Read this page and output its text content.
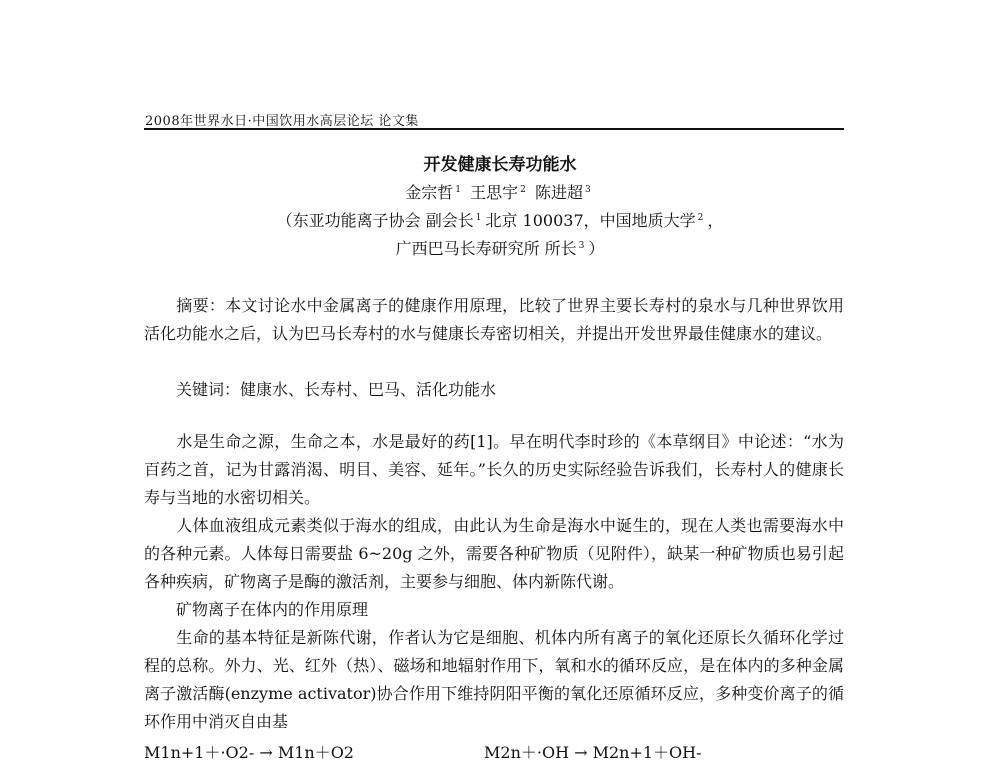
2008年世界水日·中国饮用水高层论坛 论文集
开发健康长寿功能水
金宗哲 $^1$ 王思宇 $^2$ 陈进超 $^3$
（东亚功能离子协会 副会长 $^1$ 北京 100037，中国地质大学 $^2$ ，
广西巴马长寿研究所 所长 $^3$ ）
摘要：本文讨论水中金属离子的健康作用原理，比较了世界主要长寿村的泉水与几种世界饮用活化功能水之后，认为巴马长寿村的水与健康长寿密切相关，并提出开发世界最佳健康水的建议。
关键词：健康水、长寿村、巴马、活化功能水
水是生命之源，生命之本，水是最好的药[1]。早在明代李时珍的《本草纲目》中论述：“水为百药之首，记为甘露消渴、明目、美容、延年。”长久的历史实际经验告诉我们，长寿村人的健康长寿与当地的水密切相关。
人体血液组成元素类似于海水的组成，由此认为生命是海水中诞生的，现在人类也需要海水中的各种元素。人体每日需要盐 6~20g 之外，需要各种矿物质（见附件），缺某一种矿物质也易引起各种疾病，矿物离子是酶的激活剂，主要参与细胞、体内新陈代谢。
矿物离子在体内的作用原理
生命的基本特征是新陈代谢，作者认为它是细胞、机体内所有离子的氧化还原长久循环化学过程的总称。外力、光、红外（热）、磁场和地辐射作用下，氧和水的循环反应，是在体内的多种金属离子激活酶(enzyme activator)协合作用下维持阴阳平衡的氧化还原循环反应，多种变价离子的循环作用中消灭自由基
M1n+1＋·O2- → M1n＋O2	M2n＋·OH → M2n+1＋OH-
